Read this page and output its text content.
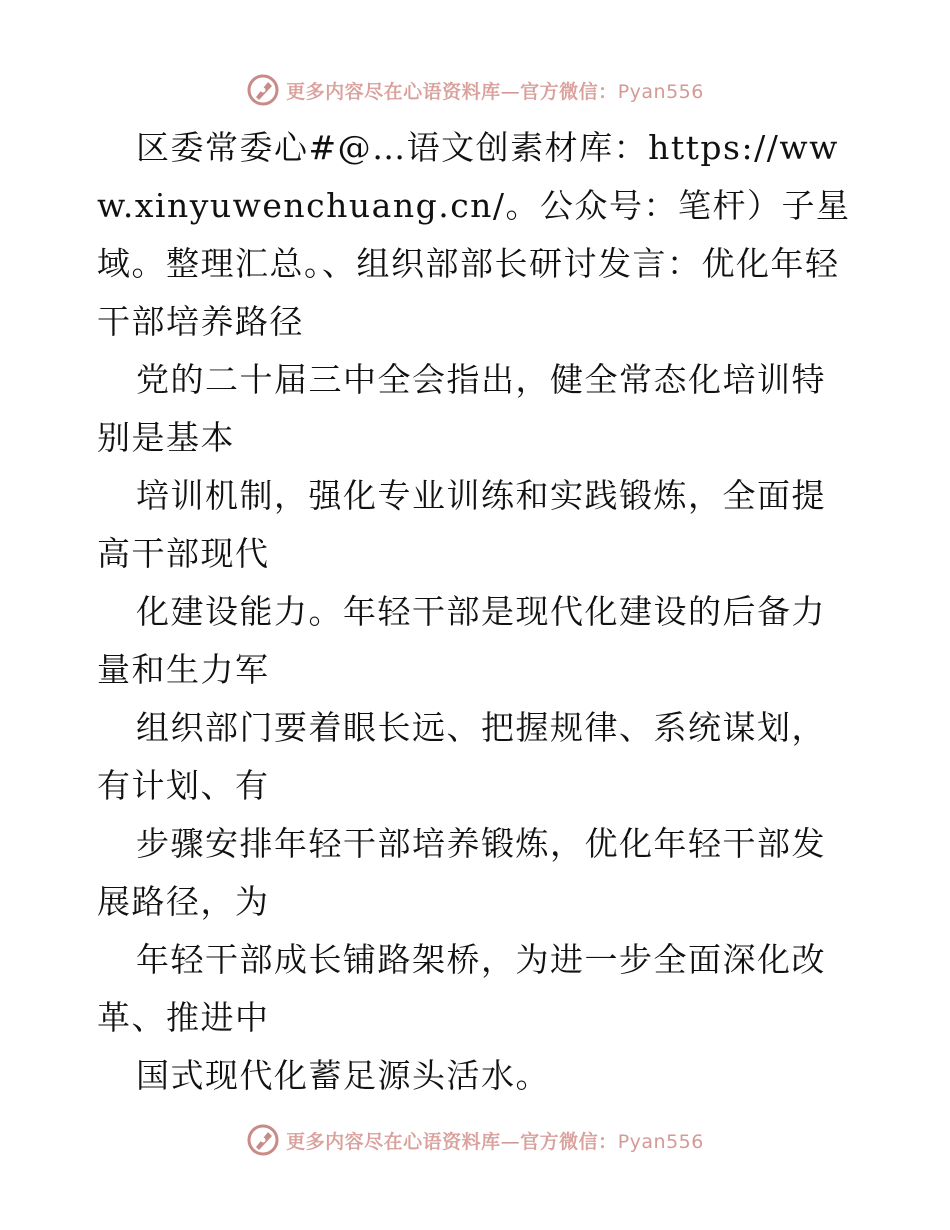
更多内容尽在心语资料库—官方微信：Pyan556

区委常委心#@…语文创素材库：https://www.xinyuwenchuang.cn/。公众号：笔杆）子星域。整理汇总。、组织部部长研讨发言：优化年轻干部培养路径

党的二十届三中全会指出，健全常态化培训特别是基本

培训机制，强化专业训练和实践锻炼，全面提高干部现代

化建设能力。年轻干部是现代化建设的后备力量和生力军

组织部门要着眼长远、把握规律、系统谋划，有计划、有

步骤安排年轻干部培养锻炼，优化年轻干部发展路径，为

年轻干部成长铺路架桥，为进一步全面深化改革、推进中

国式现代化蓄足源头活水。

更多内容尽在心语资料库—官方微信：Pyan556
